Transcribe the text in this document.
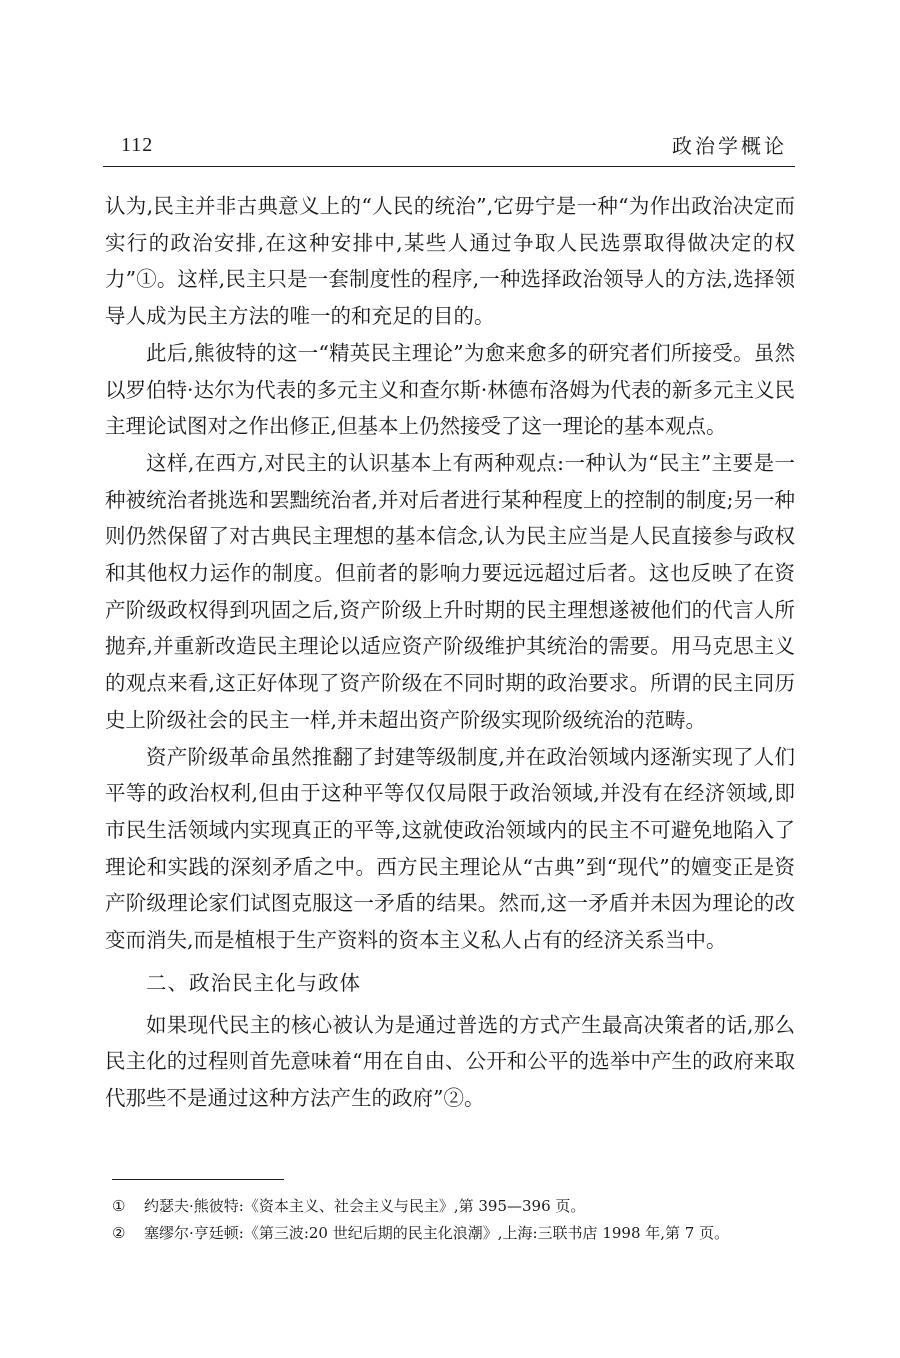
112	政治学概论

认为,民主并非古典意义上的“人民的统治”,它毋宁是一种“为作出政治决定而实行的政治安排,在这种安排中,某些人通过争取人民选票取得做决定的权力”①。这样,民主只是一套制度性的程序,一种选择政治领导人的方法,选择领导人成为民主方法的唯一的和充足的目的。

此后,熊彼特的这一“精英民主理论”为愈来愈多的研究者们所接受。虽然以罗伯特·达尔为代表的多元主义和查尔斯·林德布洛姆为代表的新多元主义民主理论试图对之作出修正,但基本上仍然接受了这一理论的基本观点。

这样,在西方,对民主的认识基本上有两种观点:一种认为“民主”主要是一种被统治者挑选和罢黜统治者,并对后者进行某种程度上的控制的制度;另一种则仍然保留了对古典民主理想的基本信念,认为民主应当是人民直接参与政权和其他权力运作的制度。但前者的影响力要远远超过后者。这也反映了在资产阶级政权得到巩固之后,资产阶级上升时期的民主理想遂被他们的代言人所抛弃,并重新改造民主理论以适应资产阶级维护其统治的需要。用马克思主义的观点来看,这正好体现了资产阶级在不同时期的政治要求。所谓的民主同历史上阶级社会的民主一样,并未超出资产阶级实现阶级统治的范畴。

资产阶级革命虽然推翻了封建等级制度,并在政治领域内逐渐实现了人们平等的政治权利,但由于这种平等仅仅局限于政治领域,并没有在经济领域,即市民生活领域内实现真正的平等,这就使政治领域内的民主不可避免地陷入了理论和实践的深刻矛盾之中。西方民主理论从“古典”到“现代”的嬗变正是资产阶级理论家们试图克服这一矛盾的结果。然而,这一矛盾并未因为理论的改变而消失,而是植根于生产资料的资本主义私人占有的经济关系当中。

二、政治民主化与政体

如果现代民主的核心被认为是通过普选的方式产生最高决策者的话,那么民主化的过程则首先意味着“用在自由、公开和公平的选举中产生的政府来取代那些不是通过这种方法产生的政府”②。

①	约瑟夫·熊彼特:《资本主义、社会主义与民主》,第 395—396 页。
②	塞缪尔·亨廷顿:《第三波:20 世纪后期的民主化浪潮》,上海:三联书店 1998 年,第 7 页。
